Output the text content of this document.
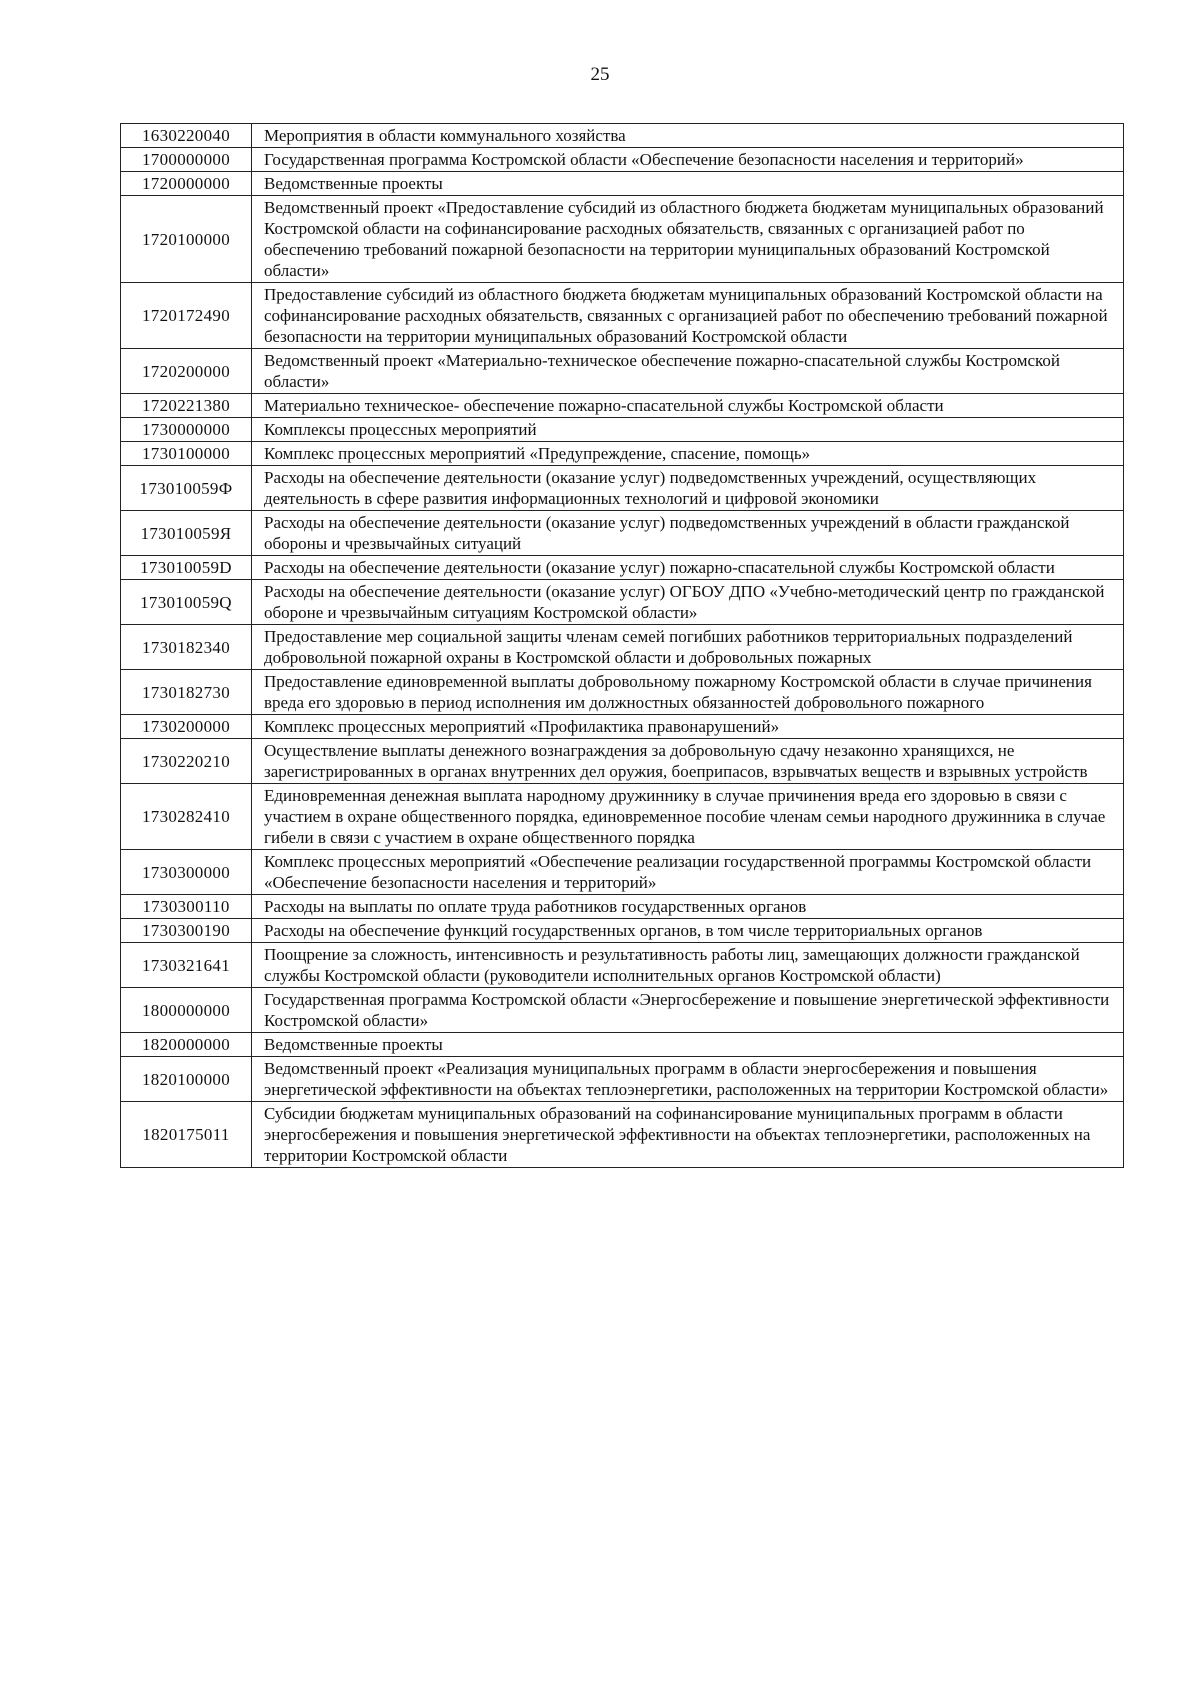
25
1630220040	Мероприятия в области коммунального хозяйства
1700000000	Государственная программа Костромской области «Обеспечение безопасности населения и территорий»
1720000000	Ведомственные проекты
1720100000	Ведомственный проект «Предоставление субсидий из областного бюджета бюджетам муниципальных образований Костромской области на софинансирование расходных обязательств, связанных с организацией работ по обеспечению требований пожарной безопасности на территории муниципальных образований Костромской области»
1720172490	Предоставление субсидий из областного бюджета бюджетам муниципальных образований Костромской области на софинансирование расходных обязательств, связанных с организацией работ по обеспечению требований пожарной безопасности на территории муниципальных образований Костромской области
1720200000	Ведомственный проект «Материально-техническое обеспечение пожарно-спасательной службы Костромской области»
1720221380	Материально техническое- обеспечение пожарно-спасательной службы Костромской области
1730000000	Комплексы процессных мероприятий
1730100000	Комплекс процессных мероприятий «Предупреждение, спасение, помощь»
173010059Ф	Расходы на обеспечение деятельности (оказание услуг) подведомственных учреждений, осуществляющих деятельность в сфере развития информационных технологий и цифровой экономики
173010059Я	Расходы на обеспечение деятельности (оказание услуг) подведомственных учреждений в области гражданской обороны и чрезвычайных ситуаций
173010059D	Расходы на обеспечение деятельности (оказание услуг) пожарно-спасательной службы Костромской области
173010059Q	Расходы на обеспечение деятельности (оказание услуг) ОГБОУ ДПО «Учебно-методический центр по гражданской обороне и чрезвычайным ситуациям Костромской области»
1730182340	Предоставление мер социальной защиты членам семей погибших работников территориальных подразделений добровольной пожарной охраны в Костромской области и добровольных пожарных
1730182730	Предоставление единовременной выплаты добровольному пожарному Костромской области в случае причинения вреда его здоровью в период исполнения им должностных обязанностей добровольного пожарного
1730200000	Комплекс процессных мероприятий «Профилактика правонарушений»
1730220210	Осуществление выплаты денежного вознаграждения за добровольную сдачу незаконно хранящихся, не зарегистрированных в органах внутренних дел оружия, боеприпасов, взрывчатых веществ и взрывных устройств
1730282410	Единовременная денежная выплата народному дружиннику в случае причинения вреда его здоровью в связи с участием в охране общественного порядка, единовременное пособие членам семьи народного дружинника в случае гибели в связи с участием в охране общественного порядка
1730300000	Комплекс процессных мероприятий «Обеспечение реализации государственной программы Костромской области «Обеспечение безопасности населения и территорий»
1730300110	Расходы на выплаты по оплате труда работников государственных органов
1730300190	Расходы на обеспечение функций государственных органов, в том числе территориальных органов
1730321641	Поощрение за сложность, интенсивность и результативность работы лиц, замещающих должности гражданской службы Костромской области (руководители исполнительных органов Костромской области)
1800000000	Государственная программа Костромской области «Энергосбережение и повышение энергетической эффективности Костромской области»
1820000000	Ведомственные проекты
1820100000	Ведомственный проект «Реализация муниципальных программ в области энергосбережения и повышения энергетической эффективности на объектах теплоэнергетики, расположенных на территории Костромской области»
1820175011	Субсидии бюджетам муниципальных образований на софинансирование муниципальных программ в области энергосбережения и повышения энергетической эффективности на объектах теплоэнергетики, расположенных на территории Костромской области
